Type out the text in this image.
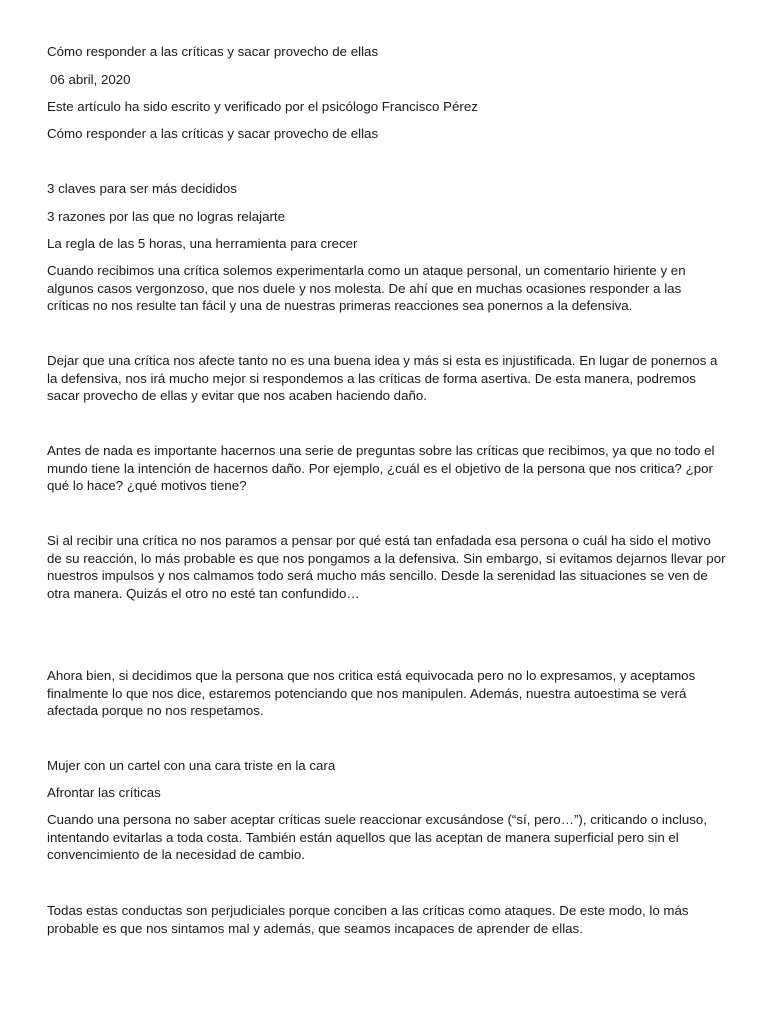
Cómo responder a las críticas y sacar provecho de ellas
06 abril, 2020
Este artículo ha sido escrito y verificado por el psicólogo Francisco Pérez
Cómo responder a las críticas y sacar provecho de ellas
3 claves para ser más decididos
3 razones por las que no logras relajarte
La regla de las 5 horas, una herramienta para crecer
Cuando recibimos una crítica solemos experimentarla como un ataque personal, un comentario hiriente y en algunos casos vergonzoso, que nos duele y nos molesta. De ahí que en muchas ocasiones responder a las críticas no nos resulte tan fácil y una de nuestras primeras reacciones sea ponernos a la defensiva.
Dejar que una crítica nos afecte tanto no es una buena idea y más si esta es injustificada. En lugar de ponernos a la defensiva, nos irá mucho mejor si respondemos a las críticas de forma asertiva. De esta manera, podremos sacar provecho de ellas y evitar que nos acaben haciendo daño.
Antes de nada es importante hacernos una serie de preguntas sobre las críticas que recibimos, ya que no todo el mundo tiene la intención de hacernos daño. Por ejemplo, ¿cuál es el objetivo de la persona que nos critica? ¿por qué lo hace? ¿qué motivos tiene?
Si al recibir una crítica no nos paramos a pensar por qué está tan enfadada esa persona o cuál ha sido el motivo de su reacción, lo más probable es que nos pongamos a la defensiva. Sin embargo, si evitamos dejarnos llevar por nuestros impulsos y nos calmamos todo será mucho más sencillo. Desde la serenidad las situaciones se ven de otra manera. Quizás el otro no esté tan confundido…
Ahora bien, si decidimos que la persona que nos critica está equivocada pero no lo expresamos, y aceptamos finalmente lo que nos dice, estaremos potenciando que nos manipulen. Además, nuestra autoestima se verá afectada porque no nos respetamos.
Mujer con un cartel con una cara triste en la cara
Afrontar las críticas
Cuando una persona no saber aceptar críticas suele reaccionar excusándose (“sí, pero…”), criticando o incluso, intentando evitarlas a toda costa. También están aquellos que las aceptan de manera superficial pero sin el convencimiento de la necesidad de cambio.
Todas estas conductas son perjudiciales porque conciben a las críticas como ataques. De este modo, lo más probable es que nos sintamos mal y además, que seamos incapaces de aprender de ellas.
